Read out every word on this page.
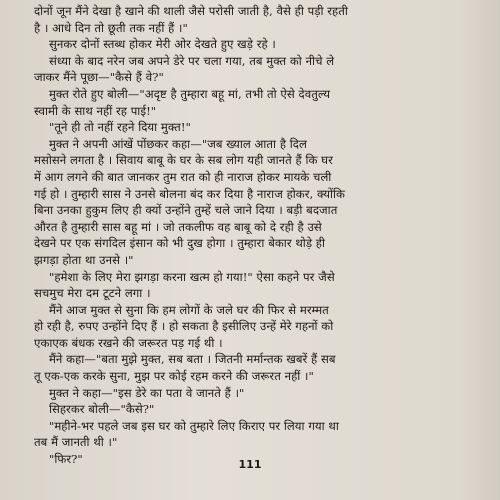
दोनों जून मैंने देखा है खाने की थाली जैसे परोसी जाती है, वैसे ही पड़ी रहती
है । आधे दिन तो छूती तक नहीं हैं ।"
सुनकर दोनों स्तब्ध होकर मेरी ओर देखते हुए खड़े रहे ।
संध्या के बाद नरेन जब अपने डेरे पर चला गया, तब मुक्त को नीचे ले
जाकर मैंने पूछा—"कैसे हैं वे?"
मुक्त रोते हुए बोली—"अदृष्ट है तुम्हारा बहू मां, तभी तो ऐसे देवतुल्य
स्वामी के साथ नहीं रह पाई!"
"तूने ही तो नहीं रहने दिया मुक्त!"
मुक्त ने अपनी आंखें पोंछकर कहा—"जब ख्याल आता है दिल
मसोसने लगता है । सिवाय बाबू के घर के सब लोग यही जानते हैं कि घर
में आग लगने की बात जानकर तुम रात को ही नाराज होकर मायके चली
गई हो । तुम्हारी सास ने उनसे बोलना बंद कर दिया है नाराज होकर, क्योंकि
बिना उनका हुकुम लिए ही क्यों उन्होंने तुम्हें चले जाने दिया । बड़ी बदजात
औरत है तुम्हारी सास बहू मां । जो तकलीफ वह बाबू को दे रही है उसे
देखने पर एक संगदिल इंसान को भी दुख होगा । तुम्हारा बेकार थोड़े ही
झगड़ा होता था उनसे ।"
"हमेशा के लिए मेरा झगड़ा करना खत्म हो गया!" ऐसा कहने पर जैसे
सचमुच मेरा दम टूटने लगा ।
मैंने आज मुक्त से सुना कि हम लोगों के जले घर की फिर से मरम्मत
हो रही है, रुपए उन्होंने दिए हैं । हो सकता है इसीलिए उन्हें मेरे गहनों को
एकाएक बंधक रखने की जरूरत पड़ गई थी ।
मैंने कहा—"बता मुझे मुक्त, सब बता । जितनी मर्मान्तक खबरें हैं सब
तू एक-एक करके सुना, मुझ पर कोई रहम करने की जरूरत नहीं ।"
मुक्त ने कहा—"इस डेरे का पता वे जानते हैं ।"
सिहरकर बोली—"कैसे?"
"महीने-भर पहले जब इस घर को तुम्हारे लिए किराए पर लिया गया था
तब मैं जानती थी ।"
"फिर?"	111
